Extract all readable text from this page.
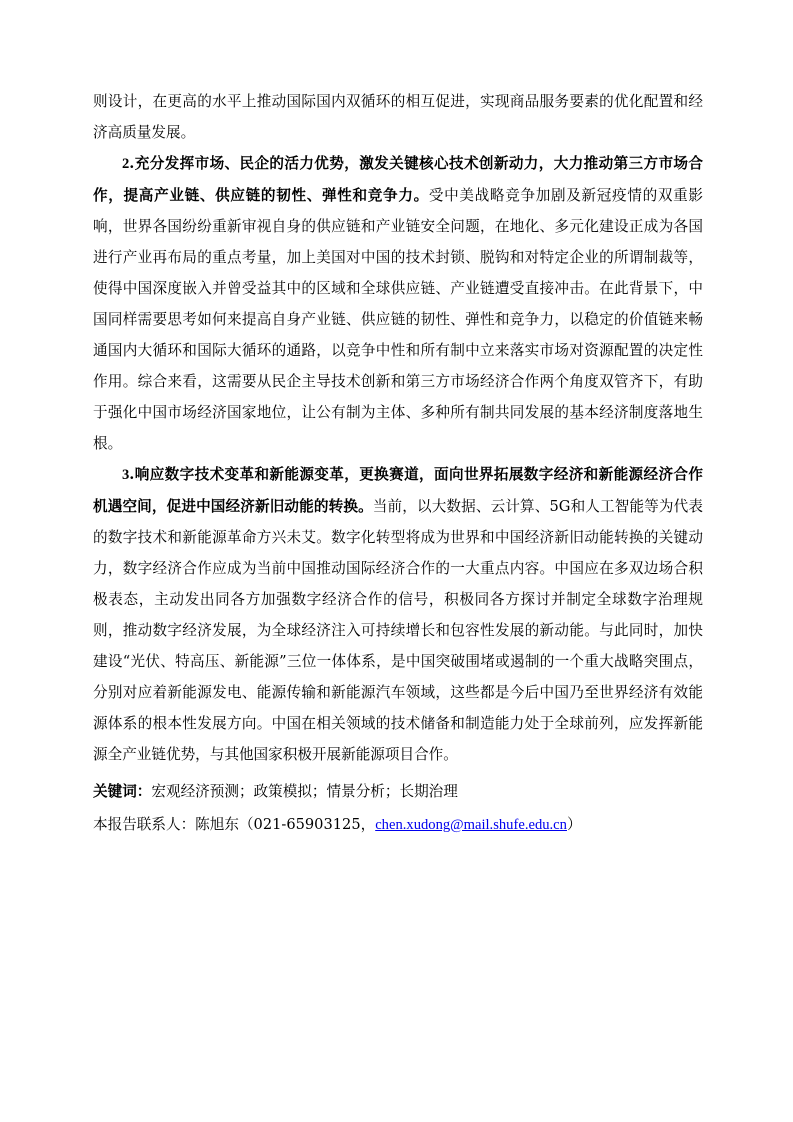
则设计，在更高的水平上推动国际国内双循环的相互促进，实现商品服务要素的优化配置和经济高质量发展。

2.充分发挥市场、民企的活力优势，激发关键核心技术创新动力，大力推动第三方市场合作，提高产业链、供应链的韧性、弹性和竞争力。受中美战略竞争加剧及新冠疫情的双重影响，世界各国纷纷重新审视自身的供应链和产业链安全问题，在地化、多元化建设正成为各国进行产业再布局的重点考量，加上美国对中国的技术封锁、脱钩和对特定企业的所谓制裁等，使得中国深度嵌入并曾受益其中的区域和全球供应链、产业链遭受直接冲击。在此背景下，中国同样需要思考如何来提高自身产业链、供应链的韧性、弹性和竞争力，以稳定的价值链来畅通国内大循环和国际大循环的通路，以竞争中性和所有制中立来落实市场对资源配置的决定性作用。综合来看，这需要从民企主导技术创新和第三方市场经济合作两个角度双管齐下，有助于强化中国市场经济国家地位，让公有制为主体、多种所有制共同发展的基本经济制度落地生根。

3.响应数字技术变革和新能源变革，更换赛道，面向世界拓展数字经济和新能源经济合作机遇空间，促进中国经济新旧动能的转换。当前，以大数据、云计算、5G和人工智能等为代表的数字技术和新能源革命方兴未艾。数字化转型将成为世界和中国经济新旧动能转换的关键动力，数字经济合作应成为当前中国推动国际经济合作的一大重点内容。中国应在多双边场合积极表态，主动发出同各方加强数字经济合作的信号，积极同各方探讨并制定全球数字治理规则，推动数字经济发展，为全球经济注入可持续增长和包容性发展的新动能。与此同时，加快建设“光伏、特高压、新能源”三位一体体系，是中国突破围堵或遏制的一个重大战略突围点，分别对应着新能源发电、能源传输和新能源汽车领域，这些都是今后中国乃至世界经济有效能源体系的根本性发展方向。中国在相关领域的技术储备和制造能力处于全球前列，应发挥新能源全产业链优势，与其他国家积极开展新能源项目合作。

关键词：宏观经济预测；政策模拟；情景分析；长期治理

本报告联系人：陈旭东（021-65903125，chen.xudong@mail.shufe.edu.cn）
